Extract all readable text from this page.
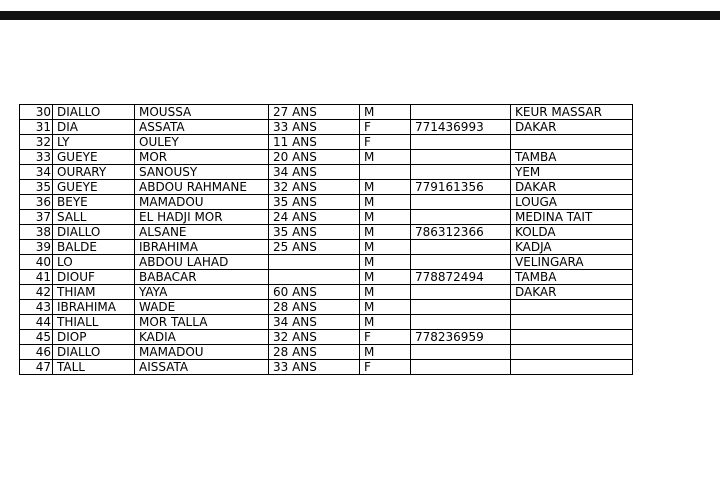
30	DIALLO	MOUSSA	27 ANS	M		KEUR MASSAR
31	DIA	ASSATA	33 ANS	F	771436993	DAKAR
32	LY	OULEY	11 ANS	F		
33	GUEYE	MOR	20 ANS	M		TAMBA
34	OURARY	SANOUSY	34 ANS			YEM
35	GUEYE	ABDOU RAHMANE	32 ANS	M	779161356	DAKAR
36	BEYE	MAMADOU	35 ANS	M		LOUGA
37	SALL	EL HADJI MOR	24 ANS	M		MEDINA TAIT
38	DIALLO	ALSANE	35 ANS	M	786312366	KOLDA
39	BALDE	IBRAHIMA	25 ANS	M		KADJA
40	LO	ABDOU LAHAD		M		VELINGARA
41	DIOUF	BABACAR		M	778872494	TAMBA
42	THIAM	YAYA	60 ANS	M		DAKAR
43	IBRAHIMA	WADE	28 ANS	M		
44	THIALL	MOR TALLA	34 ANS	M		
45	DIOP	KADIA	32 ANS	F	778236959	
46	DIALLO	MAMADOU	28 ANS	M		
47	TALL	AISSATA	33 ANS	F		
